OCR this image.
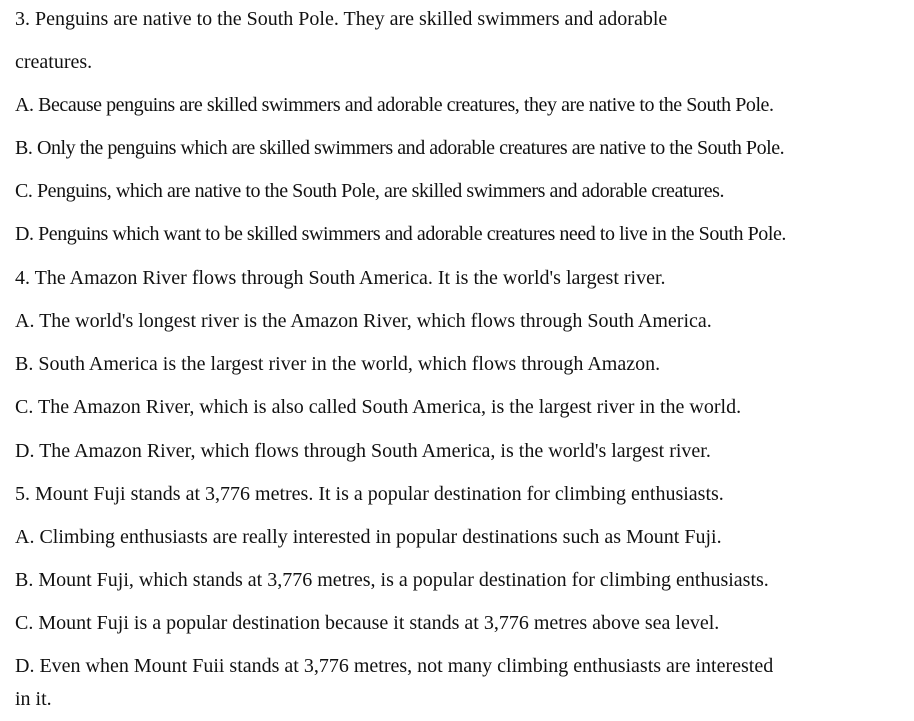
3. Penguins are native to the South Pole. They are skilled swimmers and adorable
creatures.
A. Because penguins are skilled swimmers and adorable creatures, they are native to the South Pole.
B. Only the penguins which are skilled swimmers and adorable creatures are native to the South Pole.
C. Penguins, which are native to the South Pole, are skilled swimmers and adorable creatures.
D. Penguins which want to be skilled swimmers and adorable creatures need to live in the South Pole.
4. The Amazon River flows through South America. It is the world's largest river.
A. The world's longest river is the Amazon River, which flows through South America.
B. South America is the largest river in the world, which flows through Amazon.
C. The Amazon River, which is also called South America, is the largest river in the world.
D. The Amazon River, which flows through South America, is the world's largest river.
5. Mount Fuji stands at 3,776 metres. It is a popular destination for climbing enthusiasts.
A. Climbing enthusiasts are really interested in popular destinations such as Mount Fuji.
B. Mount Fuji, which stands at 3,776 metres, is a popular destination for climbing enthusiasts.
C. Mount Fuji is a popular destination because it stands at 3,776 metres above sea level.
D. Even when Mount Fuii stands at 3,776 metres, not many climbing enthusiasts are interested
in it.
